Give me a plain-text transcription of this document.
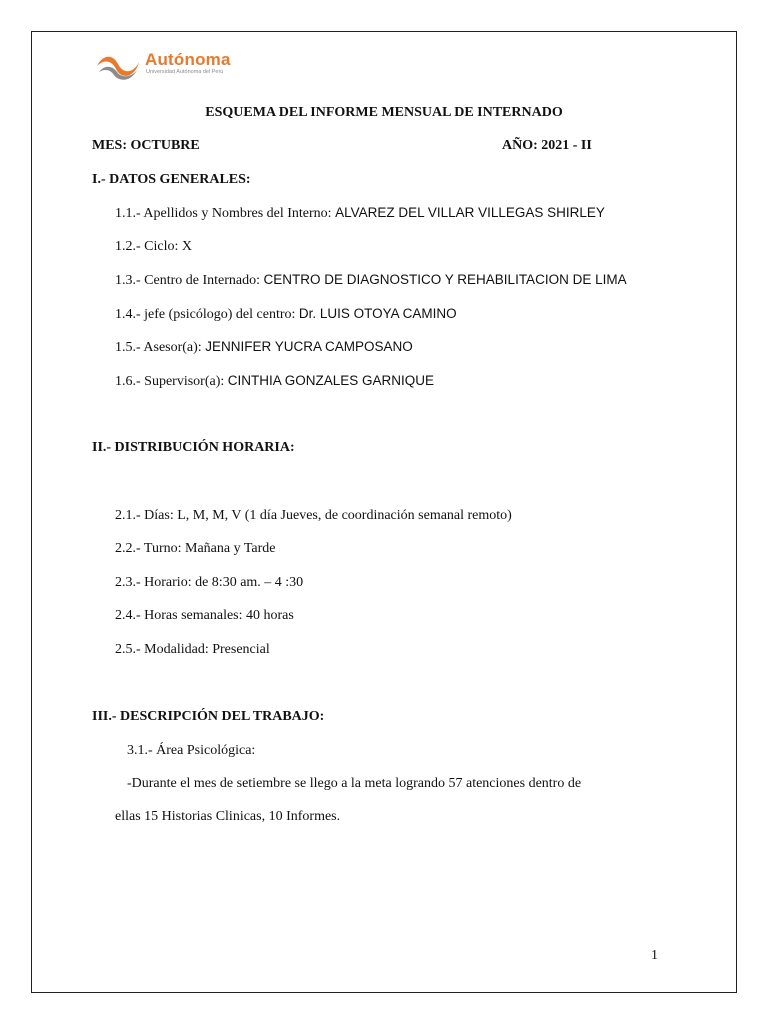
Autónoma
Universidad Autónoma del Perú
ESQUEMA DEL INFORME MENSUAL DE INTERNADO
MES: OCTUBRE	AÑO: 2021 - II
I.- DATOS GENERALES:
1.1.- Apellidos y Nombres del Interno: ALVAREZ DEL VILLAR VILLEGAS SHIRLEY
1.2.- Ciclo: X
1.3.- Centro de Internado: CENTRO DE DIAGNOSTICO Y REHABILITACION DE LIMA
1.4.- jefe (psicólogo) del centro: Dr. LUIS OTOYA CAMINO
1.5.- Asesor(a): JENNIFER YUCRA CAMPOSANO
1.6.- Supervisor(a): CINTHIA GONZALES GARNIQUE
II.- DISTRIBUCIÓN HORARIA:
2.1.- Días: L, M, M, V (1 día Jueves, de coordinación semanal remoto)
2.2.- Turno: Mañana y Tarde
2.3.- Horario: de 8:30 am. – 4 :30
2.4.- Horas semanales: 40 horas
2.5.- Modalidad: Presencial
III.- DESCRIPCIÓN DEL TRABAJO:
3.1.- Área Psicológica:
-Durante el mes de setiembre se llego a la meta logrando 57 atenciones dentro de
ellas 15 Historias Clinicas, 10 Informes.
1
